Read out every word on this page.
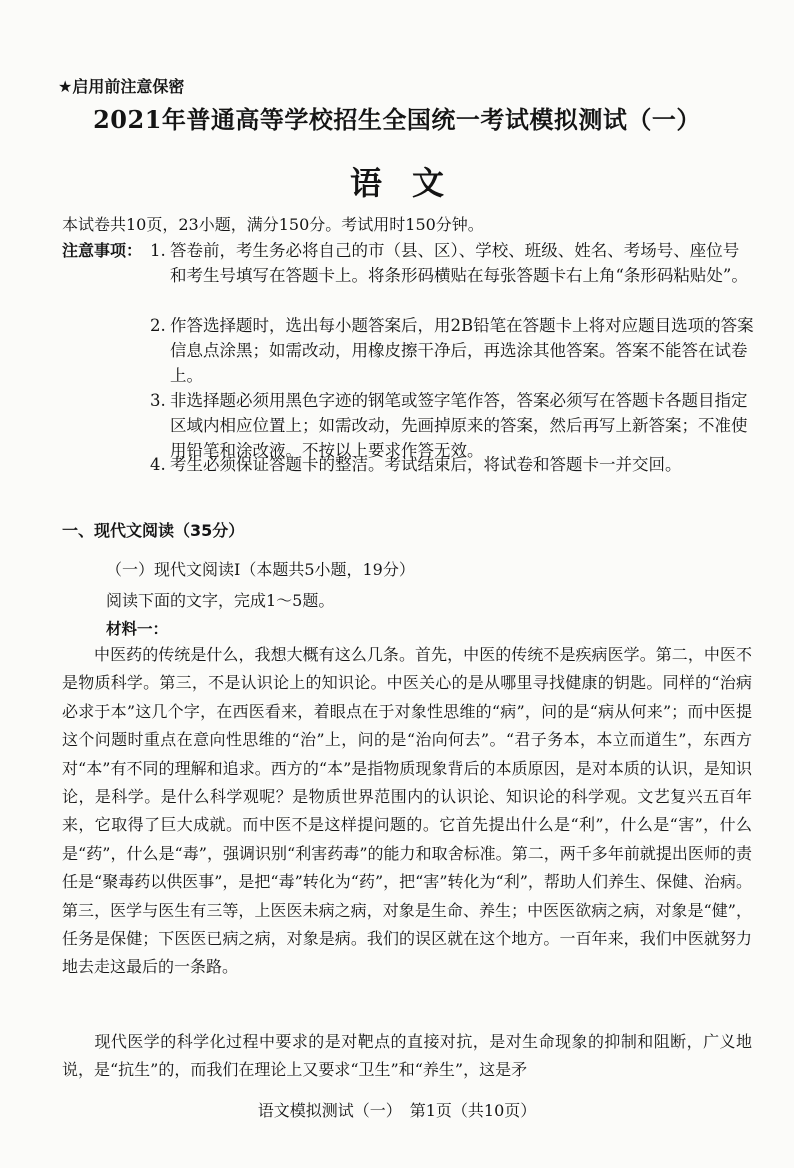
★启用前注意保密
2021年普通高等学校招生全国统一考试模拟测试（一）
语文
本试卷共10页，23小题，满分150分。考试用时150分钟。
注意事项： 1. 答卷前，考生务必将自己的市（县、区）、学校、班级、姓名、考场号、座位号和考生号填写在答题卡上。将条形码横贴在每张答题卡右上角“条形码粘贴处”。
2. 作答选择题时，选出每小题答案后，用2B铅笔在答题卡上将对应题目选项的答案信息点涂黑；如需改动，用橡皮擦干净后，再选涂其他答案。答案不能答在试卷上。
3. 非选择题必须用黑色字迹的钢笔或签字笔作答，答案必须写在答题卡各题目指定区域内相应位置上；如需改动，先画掉原来的答案，然后再写上新答案；不准使用铅笔和涂改液。不按以上要求作答无效。
4. 考生必须保证答题卡的整洁。考试结束后，将试卷和答题卡一并交回。
一、现代文阅读（35分）
（一）现代文阅读Ⅰ（本题共5小题，19分）
阅读下面的文字，完成1～5题。
材料一：
中医药的传统是什么，我想大概有这么几条。首先，中医的传统不是疾病医学。第二，中医不是物质科学。第三，不是认识论上的知识论。中医关心的是从哪里寻找健康的钥匙。同样的“治病必求于本”这几个字，在西医看来，着眼点在于对象性思维的“病”，问的是“病从何来”；而中医提这个问题时重点在意向性思维的“治”上，问的是“治向何去”。“君子务本，本立而道生”，东西方对“本”有不同的理解和追求。西方的“本”是指物质现象背后的本质原因，是对本质的认识，是知识论，是科学。是什么科学观呢？是物质世界范围内的认识论、知识论的科学观。文艺复兴五百年来，它取得了巨大成就。而中医不是这样提问题的。它首先提出什么是“利”，什么是“害”，什么是“药”，什么是“毒”，强调识别“利害药毒”的能力和取舍标准。第二，两千多年前就提出医师的责任是“聚毒药以供医事”，是把“毒”转化为“药”，把“害”转化为“利”，帮助人们养生、保健、治病。第三，医学与医生有三等，上医医未病之病，对象是生命、养生；中医医欲病之病，对象是“健”，任务是保健；下医医已病之病，对象是病。我们的误区就在这个地方。一百年来，我们中医就努力地去走这最后的一条路。
现代医学的科学化过程中要求的是对靶点的直接对抗，是对生命现象的抑制和阻断，广义地说，是“抗生”的，而我们在理论上又要求“卫生”和“养生”，这是矛
语文模拟测试（一）　第1页（共10页）
